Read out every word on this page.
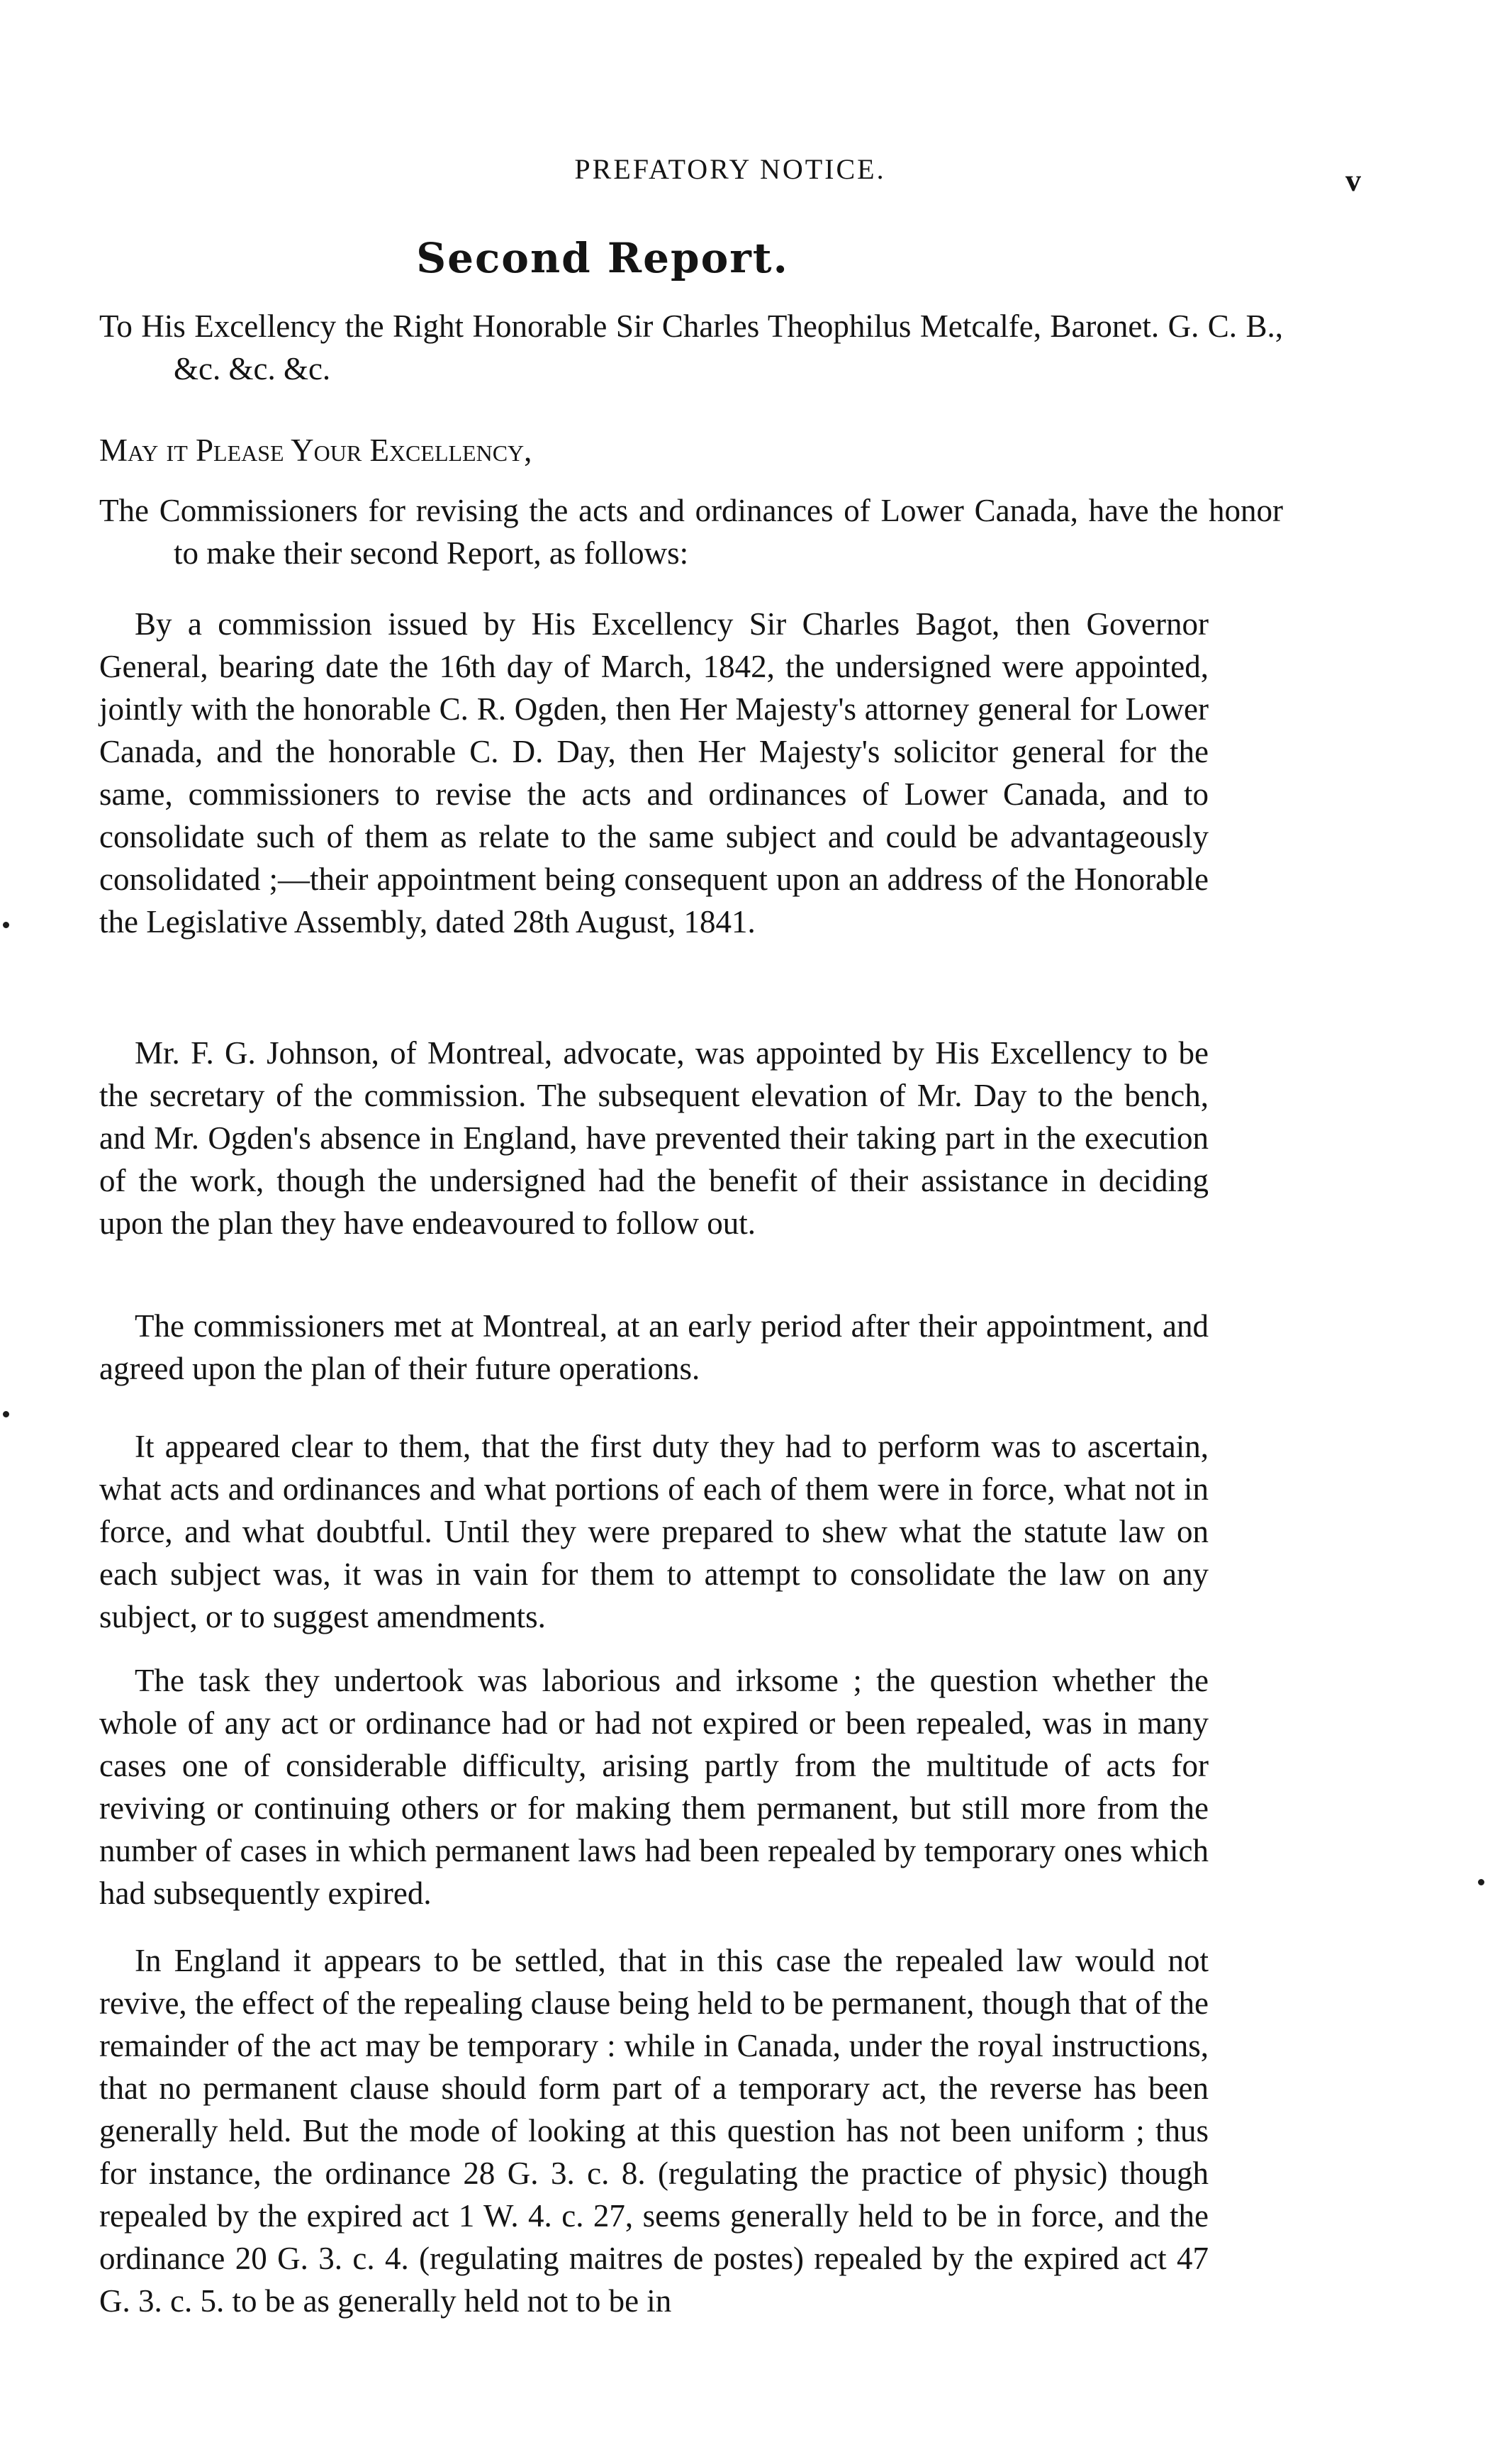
PREFATORY NOTICE.	v
Second Report.
To His Excellency the Right Honorable Sir Charles Theophilus Metcalfe, Baronet. G. C. B., &c. &c. &c.
May it Please Your Excellency,
The Commissioners for revising the acts and ordinances of Lower Canada, have the honor to make their second Report, as follows:
By a commission issued by His Excellency Sir Charles Bagot, then Governor General, bearing date the 16th day of March, 1842, the undersigned were appointed, jointly with the honorable C. R. Ogden, then Her Majesty's attorney general for Lower Canada, and the honorable C. D. Day, then Her Majesty's solicitor general for the same, commissioners to revise the acts and ordinances of Lower Canada, and to consolidate such of them as relate to the same subject and could be advantageously consolidated ;—their appointment being consequent upon an address of the Honorable the Legislative Assembly, dated 28th August, 1841.
Mr. F. G. Johnson, of Montreal, advocate, was appointed by His Excellency to be the secretary of the commission. The subsequent elevation of Mr. Day to the bench, and Mr. Ogden's absence in England, have prevented their taking part in the execution of the work, though the undersigned had the benefit of their assistance in deciding upon the plan they have endeavoured to follow out.
The commissioners met at Montreal, at an early period after their appointment, and agreed upon the plan of their future operations.
It appeared clear to them, that the first duty they had to perform was to ascertain, what acts and ordinances and what portions of each of them were in force, what not in force, and what doubtful. Until they were prepared to shew what the statute law on each subject was, it was in vain for them to attempt to consolidate the law on any subject, or to suggest amendments.
The task they undertook was laborious and irksome ; the question whether the whole of any act or ordinance had or had not expired or been repealed, was in many cases one of considerable difficulty, arising partly from the multitude of acts for reviving or continuing others or for making them permanent, but still more from the number of cases in which permanent laws had been repealed by temporary ones which had subsequently expired.
In England it appears to be settled, that in this case the repealed law would not revive, the effect of the repealing clause being held to be permanent, though that of the remainder of the act may be temporary : while in Canada, under the royal instructions, that no permanent clause should form part of a temporary act, the reverse has been generally held. But the mode of looking at this question has not been uniform ; thus for instance, the ordinance 28 G. 3. c. 8. (regulating the practice of physic) though repealed by the expired act 1 W. 4. c. 27, seems generally held to be in force, and the ordinance 20 G. 3. c. 4. (regulating maitres de postes) repealed by the expired act 47 G. 3. c. 5. to be as generally held not to be in
